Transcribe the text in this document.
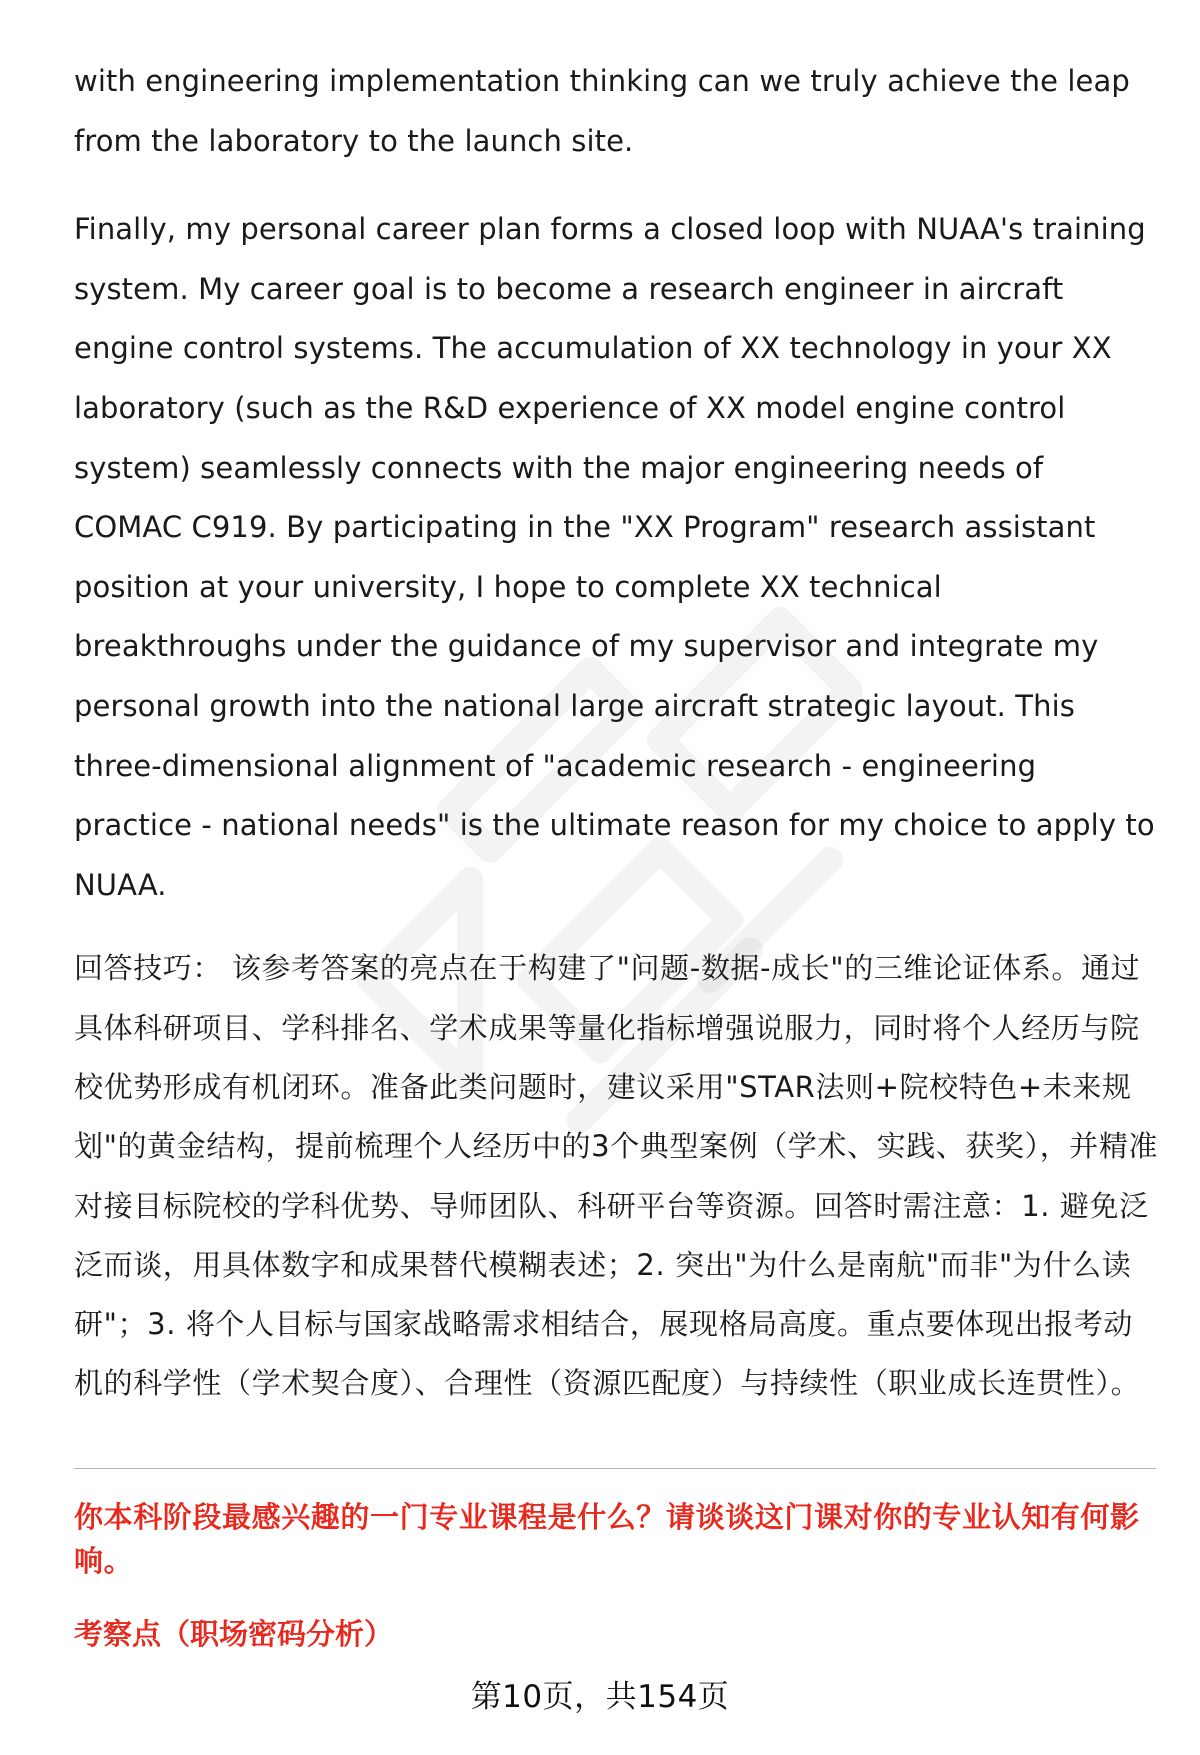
with engineering implementation thinking can we truly achieve the leap from the laboratory to the launch site.

Finally, my personal career plan forms a closed loop with NUAA's training system. My career goal is to become a research engineer in aircraft engine control systems. The accumulation of XX technology in your XX laboratory (such as the R&D experience of XX model engine control system) seamlessly connects with the major engineering needs of COMAC C919. By participating in the "XX Program" research assistant position at your university, I hope to complete XX technical breakthroughs under the guidance of my supervisor and integrate my personal growth into the national large aircraft strategic layout. This three-dimensional alignment of "academic research - engineering practice - national needs" is the ultimate reason for my choice to apply to NUAA.

回答技巧： 该参考答案的亮点在于构建了"问题-数据-成长"的三维论证体系。通过具体科研项目、学科排名、学术成果等量化指标增强说服力，同时将个人经历与院校优势形成有机闭环。准备此类问题时，建议采用"STAR法则+院校特色+未来规划"的黄金结构，提前梳理个人经历中的3个典型案例（学术、实践、获奖），并精准对接目标院校的学科优势、导师团队、科研平台等资源。回答时需注意：1. 避免泛泛而谈，用具体数字和成果替代模糊表述；2. 突出"为什么是南航"而非"为什么读研"；3. 将个人目标与国家战略需求相结合，展现格局高度。重点要体现出报考动机的科学性（学术契合度）、合理性（资源匹配度）与持续性（职业成长连贯性）。

你本科阶段最感兴趣的一门专业课程是什么？请谈谈这门课对你的专业认知有何影响。

考察点（职场密码分析）

第10页，共154页
